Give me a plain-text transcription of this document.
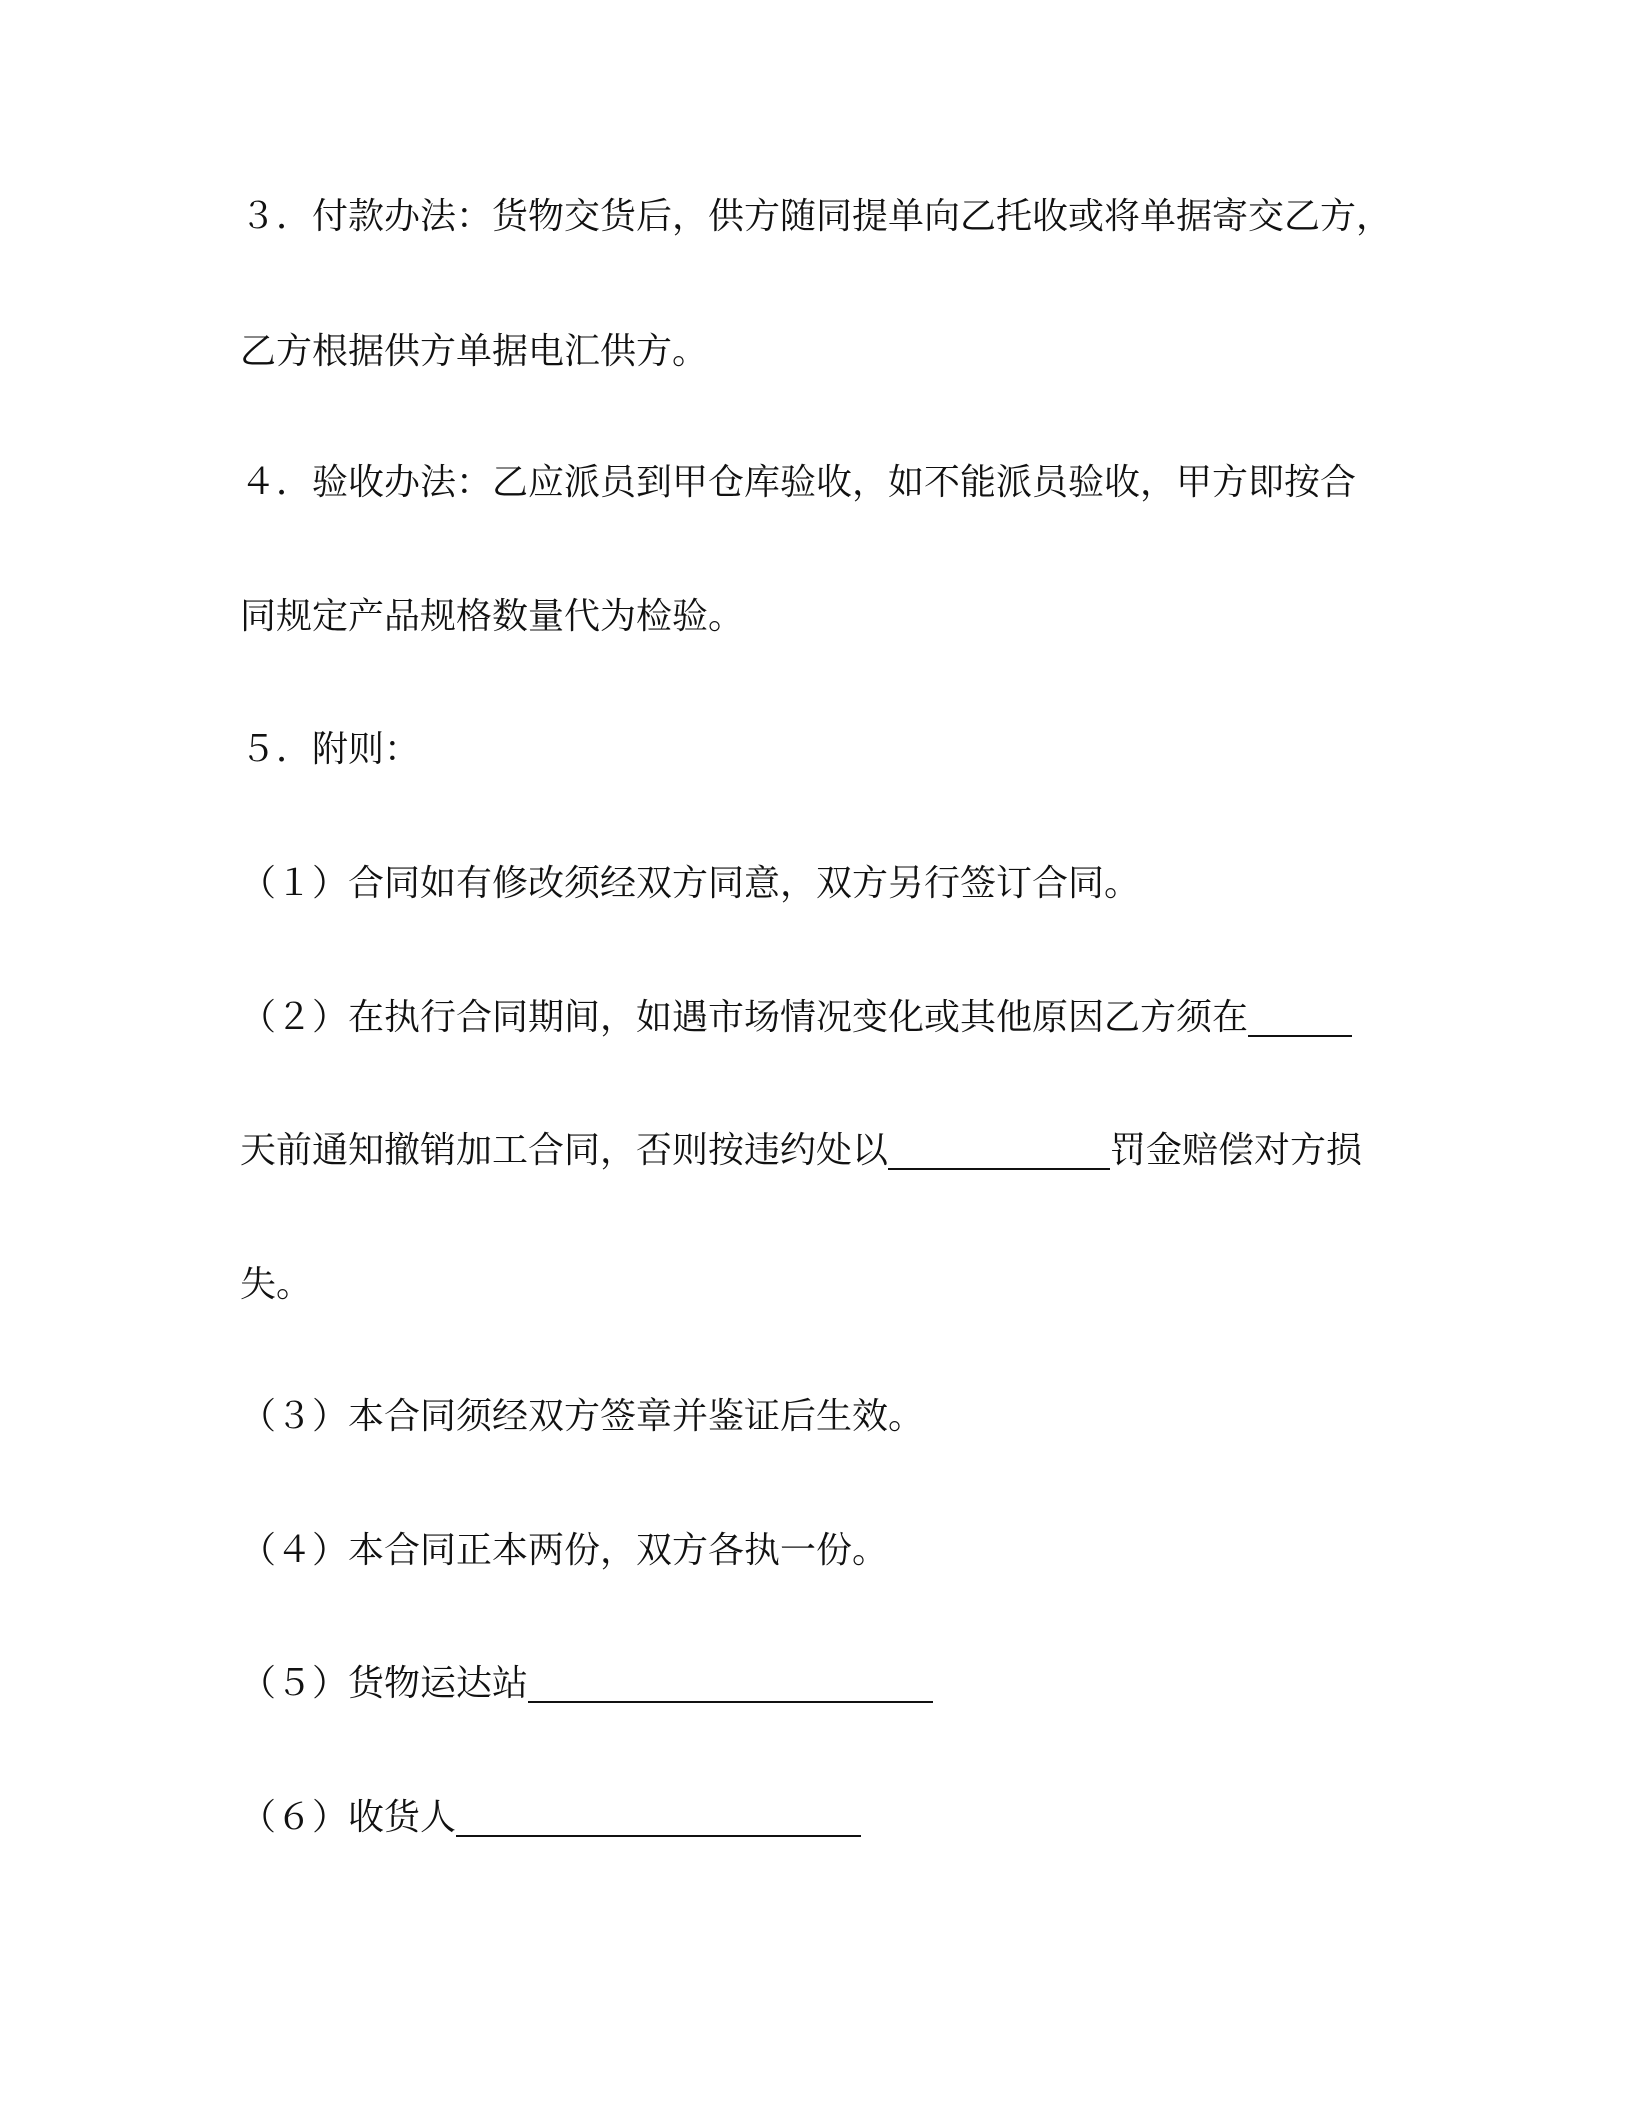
３．付款办法：货物交货后，供方随同提单向乙托收或将单据寄交乙方，
乙方根据供方单据电汇供方。
４．验收办法：乙应派员到甲仓库验收，如不能派员验收，甲方即按合
同规定产品规格数量代为检验。
５．附则：
（１）合同如有修改须经双方同意，双方另行签订合同。
（２）在执行合同期间，如遇市场情况变化或其他原因乙方须在
天前通知撤销加工合同，否则按违约处以	罚金赔偿对方损
失。
（３）本合同须经双方签章并鉴证后生效。
（４）本合同正本两份，双方各执一份。
（５）货物运达站
（６）收货人
